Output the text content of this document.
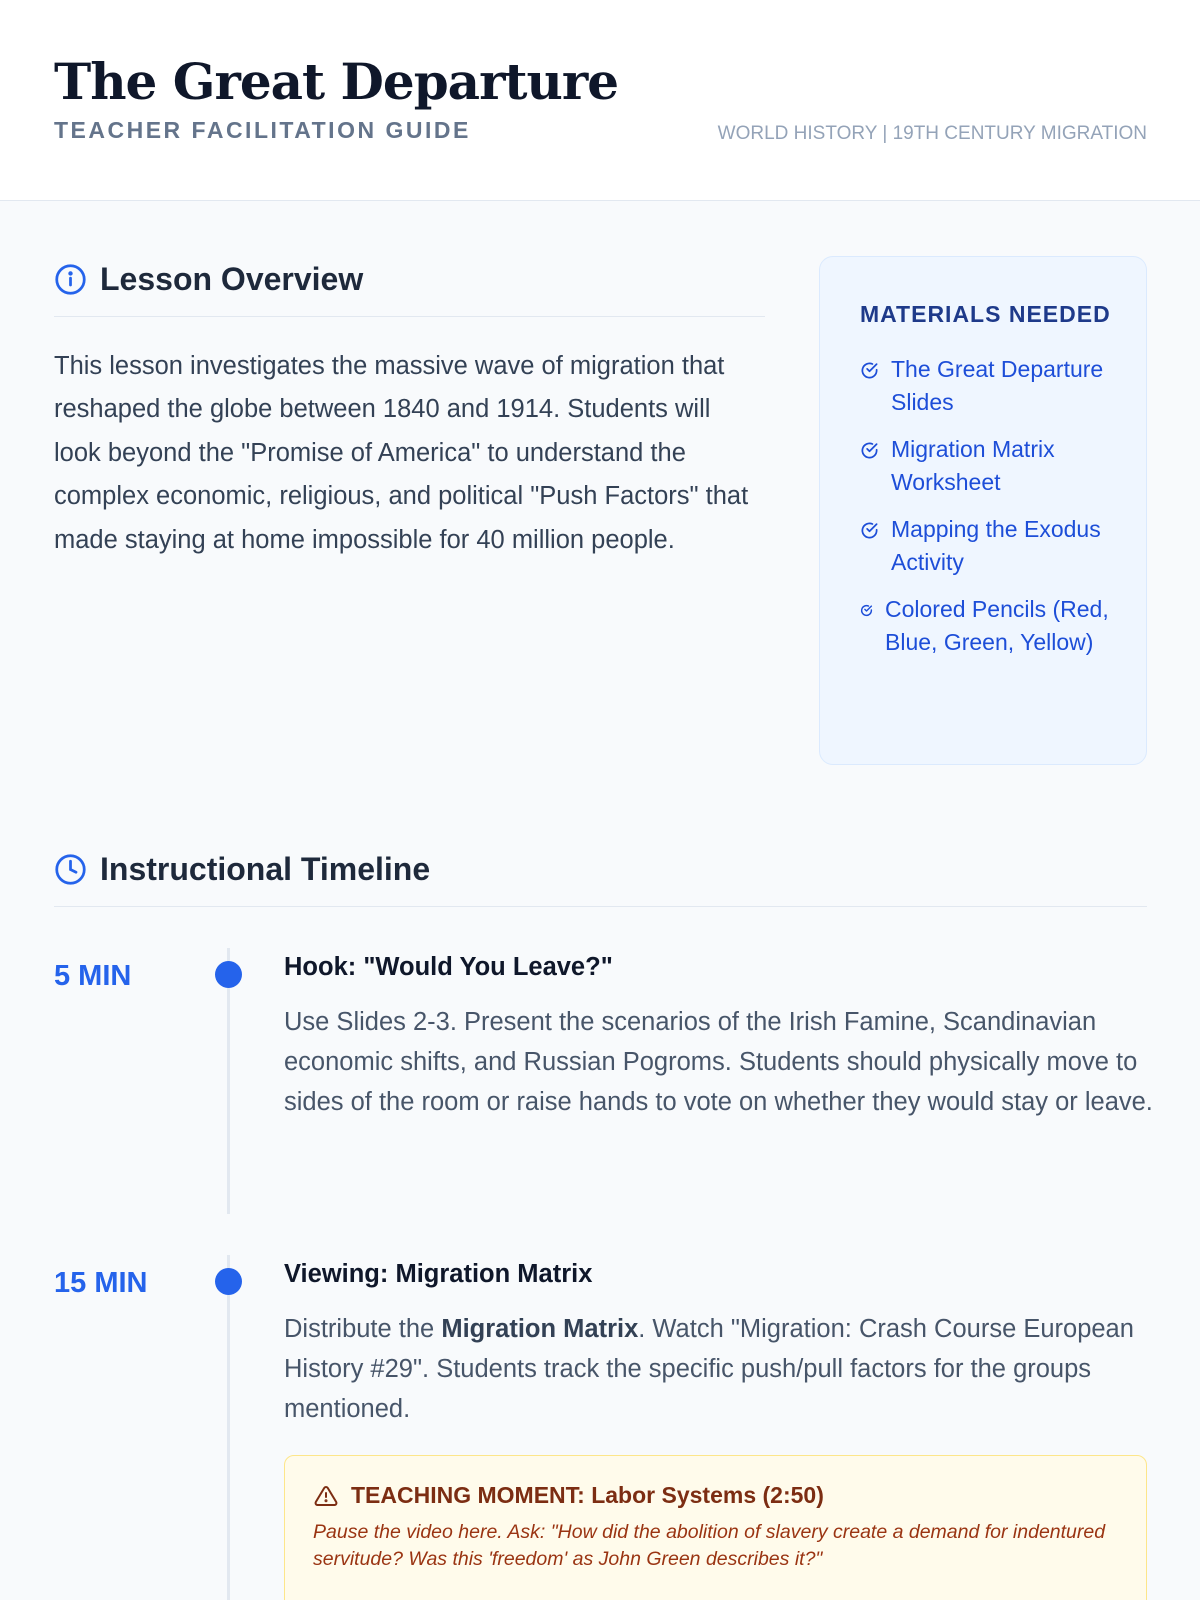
The Great Departure
TEACHER FACILITATION GUIDE	WORLD HISTORY | 19TH CENTURY MIGRATION
Lesson Overview
This lesson investigates the massive wave of migration that reshaped the globe between 1840 and 1914. Students will look beyond the "Promise of America" to understand the complex economic, religious, and political "Push Factors" that made staying at home impossible for 40 million people.
MATERIALS NEEDED
The Great Departure Slides
Migration Matrix Worksheet
Mapping the Exodus Activity
Colored Pencils (Red, Blue, Green, Yellow)
Instructional Timeline
5 MIN	Hook: "Would You Leave?"
Use Slides 2-3. Present the scenarios of the Irish Famine, Scandinavian economic shifts, and Russian Pogroms. Students should physically move to sides of the room or raise hands to vote on whether they would stay or leave.
15 MIN	Viewing: Migration Matrix
Distribute the Migration Matrix. Watch "Migration: Crash Course European History #29". Students track the specific push/pull factors for the groups mentioned.
TEACHING MOMENT: Labor Systems (2:50)
Pause the video here. Ask: "How did the abolition of slavery create a demand for indentured servitude? Was this 'freedom' as John Green describes it?"
